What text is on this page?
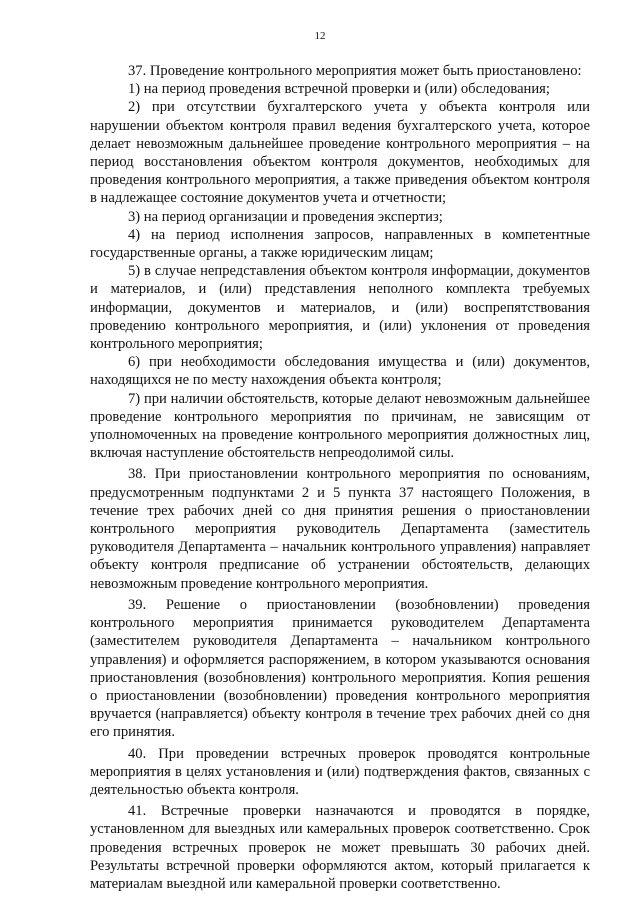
12

37. Проведение контрольного мероприятия может быть приостановлено:

1) на период проведения встречной проверки и (или) обследования;

2) при отсутствии бухгалтерского учета у объекта контроля или нарушении объектом контроля правил ведения бухгалтерского учета, которое делает невозможным дальнейшее проведение контрольного мероприятия – на период восстановления объектом контроля документов, необходимых для проведения контрольного мероприятия, а также приведения объектом контроля в надлежащее состояние документов учета и отчетности;

3) на период организации и проведения экспертиз;

4) на период исполнения запросов, направленных в компетентные государственные органы, а также юридическим лицам;

5) в случае непредставления объектом контроля информации, документов и материалов, и (или) представления неполного комплекта требуемых информации, документов и материалов, и (или) воспрепятствования проведению контрольного мероприятия, и (или) уклонения от проведения контрольного мероприятия;

6) при необходимости обследования имущества и (или) документов, находящихся не по месту нахождения объекта контроля;

7) при наличии обстоятельств, которые делают невозможным дальнейшее проведение контрольного мероприятия по причинам, не зависящим от уполномоченных на проведение контрольного мероприятия должностных лиц, включая наступление обстоятельств непреодолимой силы.

38. При приостановлении контрольного мероприятия по основаниям, предусмотренным подпунктами 2 и 5 пункта 37 настоящего Положения, в течение трех рабочих дней со дня принятия решения о приостановлении контрольного мероприятия руководитель Департамента (заместитель руководителя Департамента – начальник контрольного управления) направляет объекту контроля предписание об устранении обстоятельств, делающих невозможным проведение контрольного мероприятия.

39. Решение о приостановлении (возобновлении) проведения контрольного мероприятия принимается руководителем Департамента (заместителем руководителя Департамента – начальником контрольного управления) и оформляется распоряжением, в котором указываются основания приостановления (возобновления) контрольного мероприятия. Копия решения о приостановлении (возобновлении) проведения контрольного мероприятия вручается (направляется) объекту контроля в течение трех рабочих дней со дня его принятия.

40. При проведении встречных проверок проводятся контрольные мероприятия в целях установления и (или) подтверждения фактов, связанных с деятельностью объекта контроля.

41. Встречные проверки назначаются и проводятся в порядке, установленном для выездных или камеральных проверок соответственно. Срок проведения встречных проверок не может превышать 30 рабочих дней. Результаты встречной проверки оформляются актом, который прилагается к материалам выездной или камеральной проверки соответственно.
